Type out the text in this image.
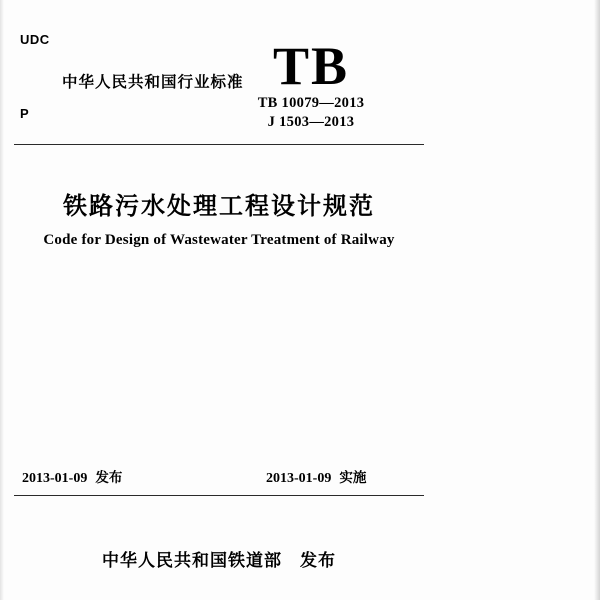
UDC
P
中华人民共和国行业标准 TB
TB 10079—2013
J 1503—2013
铁路污水处理工程设计规范
Code for Design of Wastewater Treatment of Railway
2013-01-09 发布	2013-01-09 实施
中华人民共和国铁道部　发布
